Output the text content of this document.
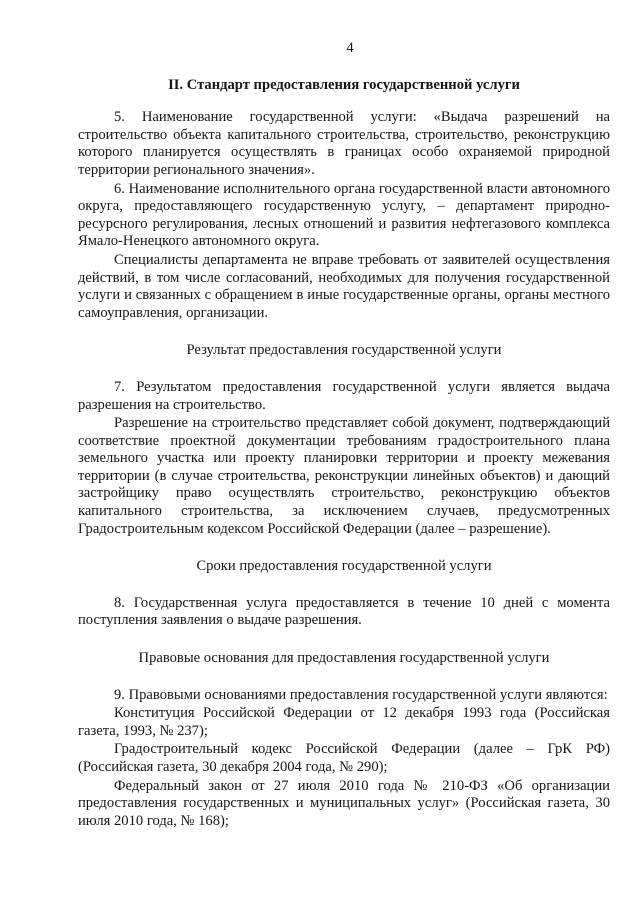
4
II. Стандарт предоставления государственной услуги

5. Наименование государственной услуги: «Выдача разрешений на строительство объекта капитального строительства, строительство, реконструкцию которого планируется осуществлять в границах особо охраняемой природной территории регионального значения».

6. Наименование исполнительного органа государственной власти автономного округа, предоставляющего государственную услугу, – департамент природно-ресурсного регулирования, лесных отношений и развития нефтегазового комплекса Ямало-Ненецкого автономного округа.

Специалисты департамента не вправе требовать от заявителей осуществления действий, в том числе согласований, необходимых для получения государственной услуги и связанных с обращением в иные государственные органы, органы местного самоуправления, организации.

Результат предоставления государственной услуги

7. Результатом предоставления государственной услуги является выдача разрешения на строительство.

Разрешение на строительство представляет собой документ, подтверждающий соответствие проектной документации требованиям градостроительного плана земельного участка или проекту планировки территории и проекту межевания территории (в случае строительства, реконструкции линейных объектов) и дающий застройщику право осуществлять строительство, реконструкцию объектов капитального строительства, за исключением случаев, предусмотренных Градостроительным кодексом Российской Федерации (далее – разрешение).

Сроки предоставления государственной услуги

8. Государственная услуга предоставляется в течение 10 дней с момента поступления заявления о выдаче разрешения.

Правовые основания для предоставления государственной услуги

9. Правовыми основаниями предоставления государственной услуги являются:

Конституция Российской Федерации от 12 декабря 1993 года (Российская газета, 1993, № 237);

Градостроительный кодекс Российской Федерации (далее – ГрК РФ) (Российская газета, 30 декабря 2004 года, № 290);

Федеральный закон от 27 июля 2010 года № 210-ФЗ «Об организации предоставления государственных и муниципальных услуг» (Российская газета, 30 июля 2010 года, № 168);
